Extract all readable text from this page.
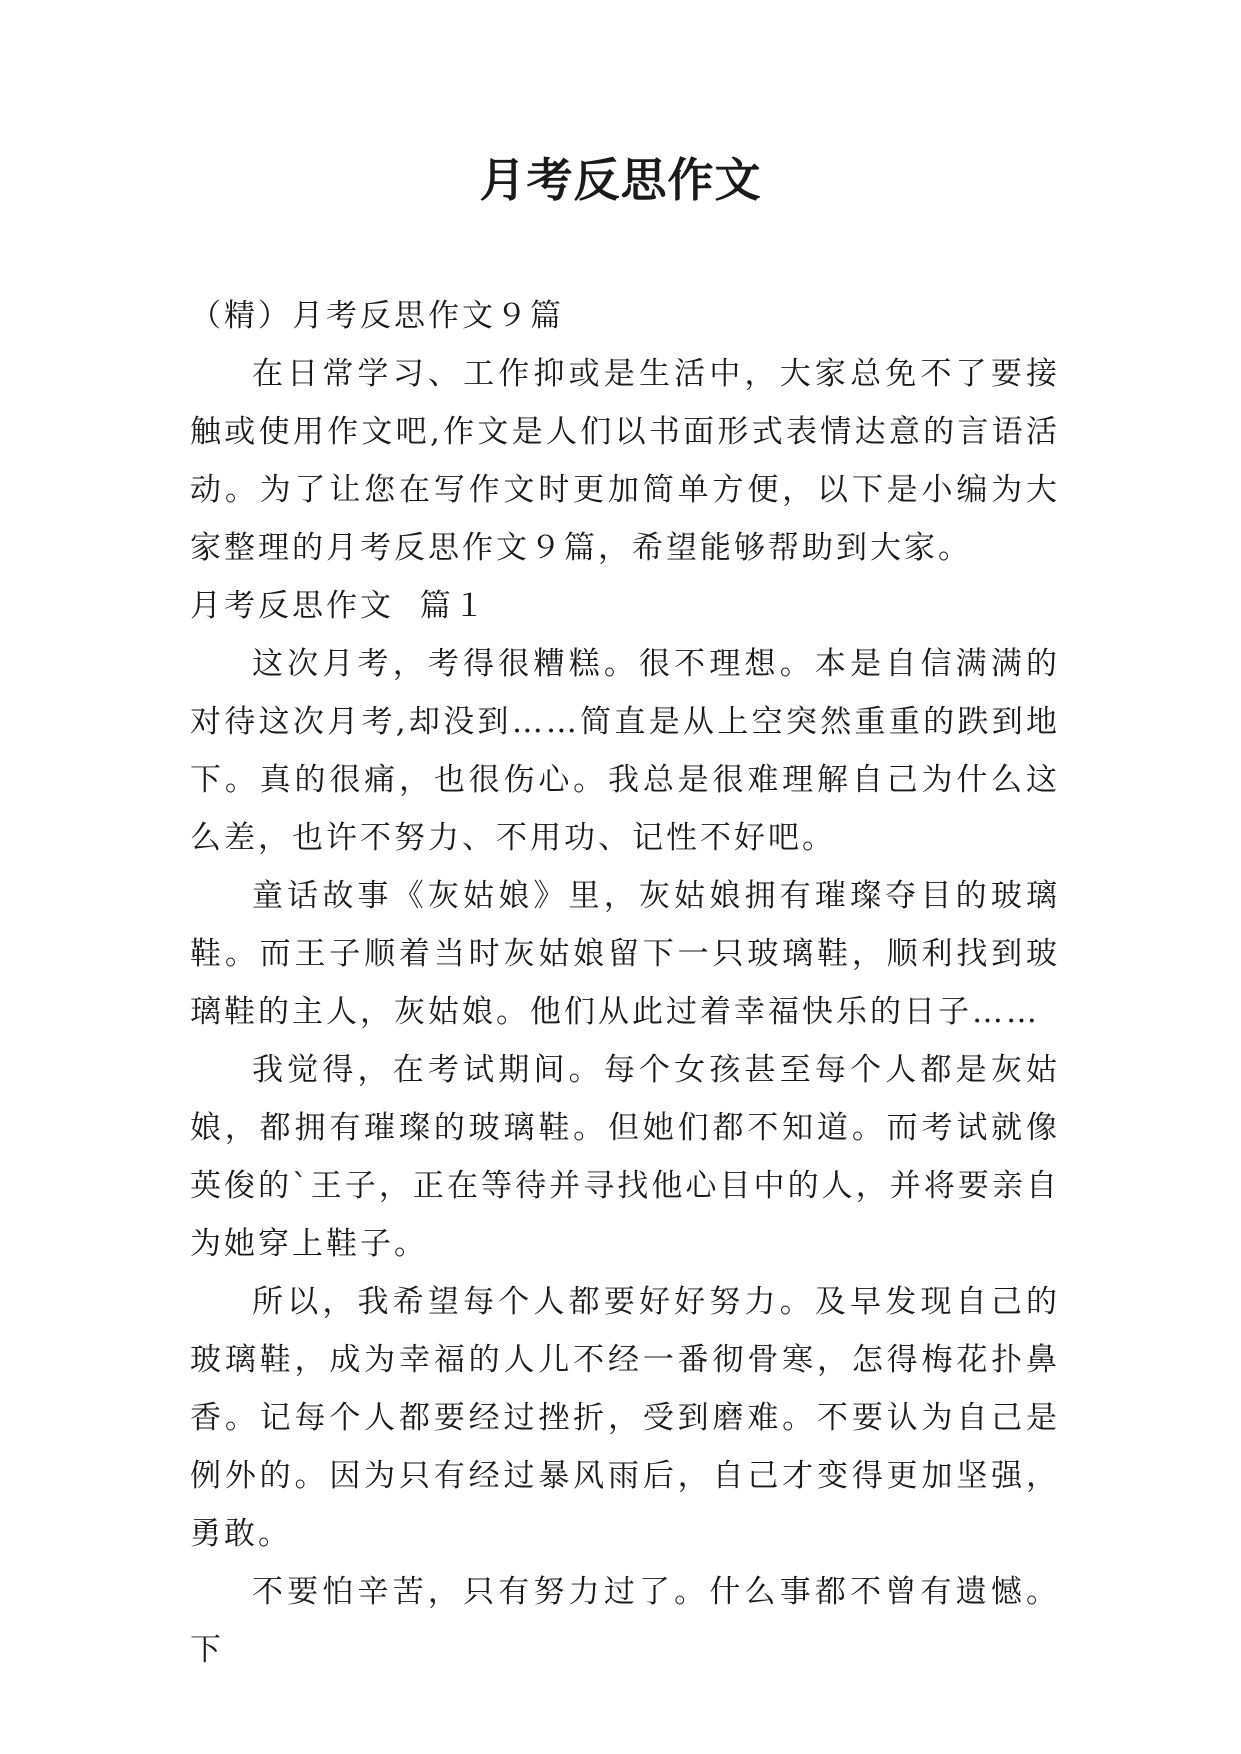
月考反思作文

（精）月考反思作文９篇

在日常学习、工作抑或是生活中，大家总免不了要接触或使用作文吧,作文是人们以书面形式表情达意的言语活动。为了让您在写作文时更加简单方便，以下是小编为大家整理的月考反思作文９篇，希望能够帮助到大家。

月考反思作文  篇１

这次月考，考得很糟糕。很不理想。本是自信满满的对待这次月考,却没到……简直是从上空突然重重的跌到地下。真的很痛，也很伤心。我总是很难理解自己为什么这么差，也许不努力、不用功、记性不好吧。

童话故事《灰姑娘》里，灰姑娘拥有璀璨夺目的玻璃鞋。而王子顺着当时灰姑娘留下一只玻璃鞋，顺利找到玻璃鞋的主人，灰姑娘。他们从此过着幸福快乐的日子……

我觉得，在考试期间。每个女孩甚至每个人都是灰姑娘，都拥有璀璨的玻璃鞋。但她们都不知道。而考试就像英俊的`王子，正在等待并寻找他心目中的人，并将要亲自为她穿上鞋子。

所以，我希望每个人都要好好努力。及早发现自己的玻璃鞋，成为幸福的人儿不经一番彻骨寒，怎得梅花扑鼻香。记每个人都要经过挫折，受到磨难。不要认为自己是例外的。因为只有经过暴风雨后，自己才变得更加坚强，勇敢。

不要怕辛苦，只有努力过了。什么事都不曾有遗憾。下
